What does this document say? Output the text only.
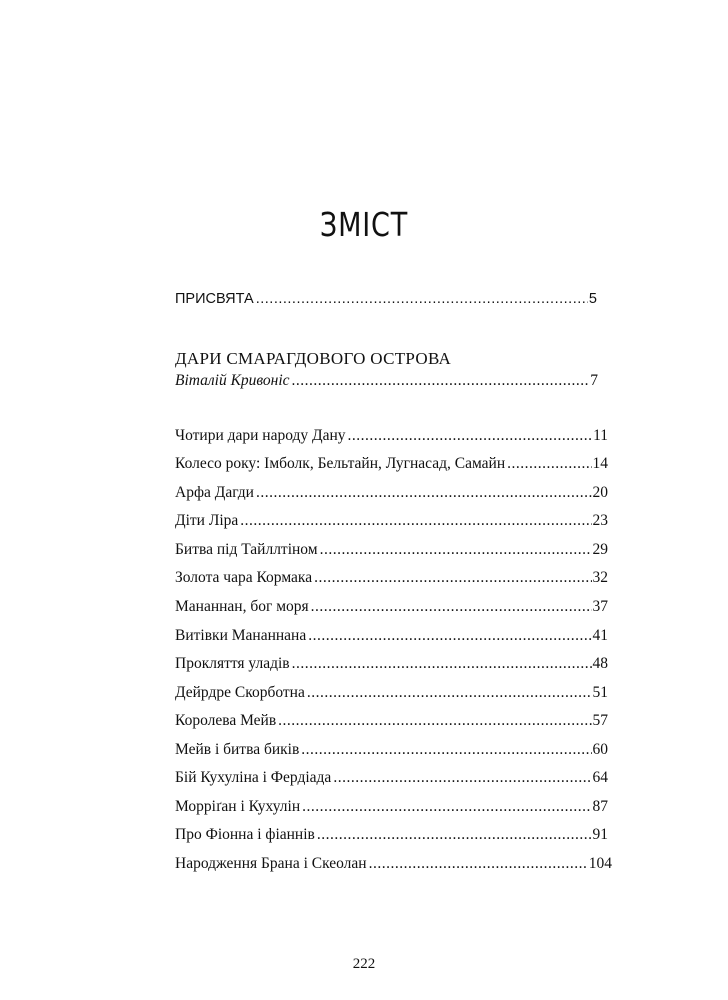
ЗМІСТ
ПРИСВЯТА .....	5
ДАРИ СМАРАГДОВОГО ОСТРОВА
Віталій Кривоніс .....	7
Чотири дари народу Дану .....	11
Колесо року: Імболк, Бельтайн, Лугнасад, Самайн .....	14
Арфа Дагди .....	20
Діти Ліра .....	23
Битва під Тайллтіном .....	29
Золота чара Кормака .....	32
Мананнан, бог моря .....	37
Витівки Мананнана .....	41
Прокляття уладів .....	48
Дейрдре Скорботна .....	51
Королева Мейв .....	57
Мейв і битва биків .....	60
Бій Кухуліна і Фердіада .....	64
Морріґан і Кухулін .....	87
Про Фіонна і фіаннів .....	91
Народження Брана і Скеолан .....	104
222
